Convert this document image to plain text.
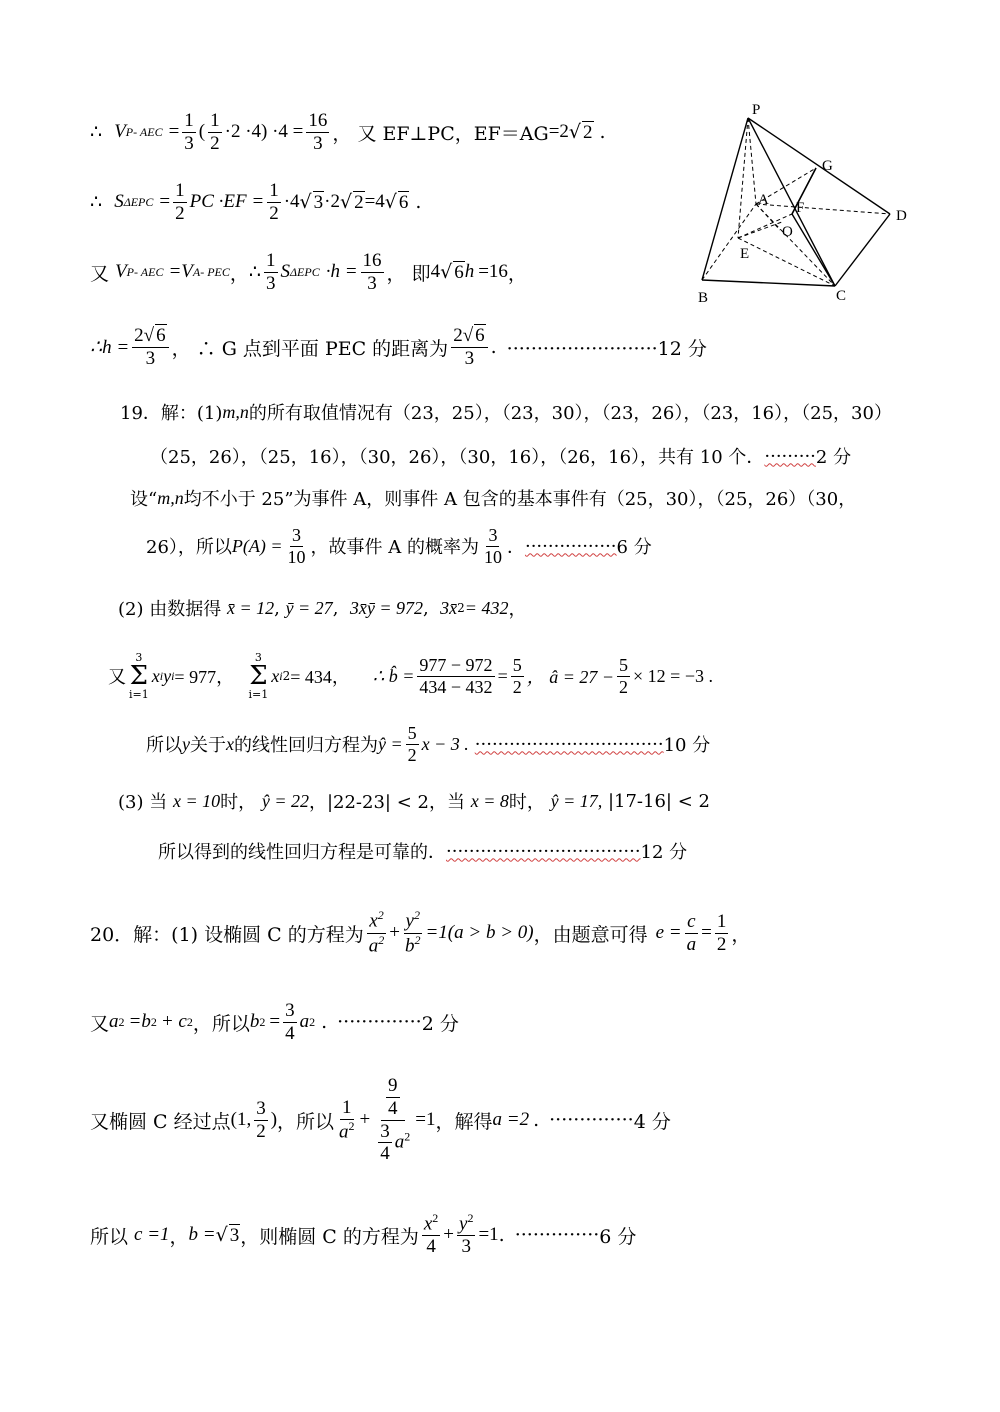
∴
V P- AEC = $\frac{1}{3}$ ( $\frac{1}{2} \cdot 2 \cdot 4) \cdot 4 = \frac{16}{3}$ ， 又 EF⊥PC，EF＝AG =2 √ 2 .
∴
S $\Delta EPC = \frac{1}{2}$ PC $\cdot EF = \frac{1}{2} \cdot 4$ √ 3 ·2 √ 2 =4 √ 6 .
又
V P- AEC =V A- PEC ， ∴ $\frac{1}{3}$ S $\Delta EPC \cdot h = \frac{16}{3}$ ， 即 4 √ 6 h =16 ，
∴h = $\frac{2√ 6}{3}$ ， ∴ G 点到平面 PEC 的距离为 $\frac{2√ 6}{3}$ . ·························12 分
P
G
A F
O
D
E
B	C
19．解：(1) m,n 的所有取值情况有（23，25），（23，30），（23，26），（23，16），（25，30）
（25，26），（25，16），（30，26），（30，16），（26，16），共有 10 个． ········· 2 分
设“ m,n 均不小于 25”为事件 A，则事件 A 包含的基本事件有（25，30），（25，26）（30，
26），所以 $P(A) = \frac{3}{10}$ ，故事件 A 的概率为 $\frac{3}{10}$ ． ················ 6 分
(2) 由数据得
x̄ = 12 , ȳ = 27 , 3x̄ȳ = 972 , 3x̄ 2 = 432 ，
又
3
Σ
i=1
x i y i = 977，

3
Σ
i=1
x i 2 = 434，
∴ b̂ = $\frac{977 - 972}{434 - 432} = \frac{5}{2}$ ， â = $27 - \frac{5}{2} \times 12 = -3$ .
所以 y 关于 x 的线性回归方程为 ŷ = $\frac{5}{2}$ x − 3 . ································· 10 分
(3) 当
x = 10 时，
ŷ = 22 ，|22-23| < 2，当
x = 8 时，
ŷ = 17,
|17-16| < 2
所以得到的线性回归方程是可靠的． ·································· 12 分
20．解：(1) 设椭圆 C 的方程为 $\frac{x^2}{a^2} + \frac{y^2}{b^2} =1(a > b > 0)$ ，由题意可得 $e = \frac{c}{a} = \frac{1}{2}$ ，
又 a 2 =b 2 + c 2 ，所以 b $2 = \frac{3}{4}$ a 2 . ·············· 2 分
又椭圆 C 经过点 (1, $\frac{3}{2}$ ) ，所以 $\frac{1}{a^2} + \frac{\frac{9}{4}}{\frac{3}{4} a^2} =1$ ，解得 a =2 . ·············· 4 分
所以 c =1 ， b = √ 3 ，则椭圆 C 的方程为 $\frac{x^2}{4} + \frac{y^2}{3} =1$ . ·············· 6 分
